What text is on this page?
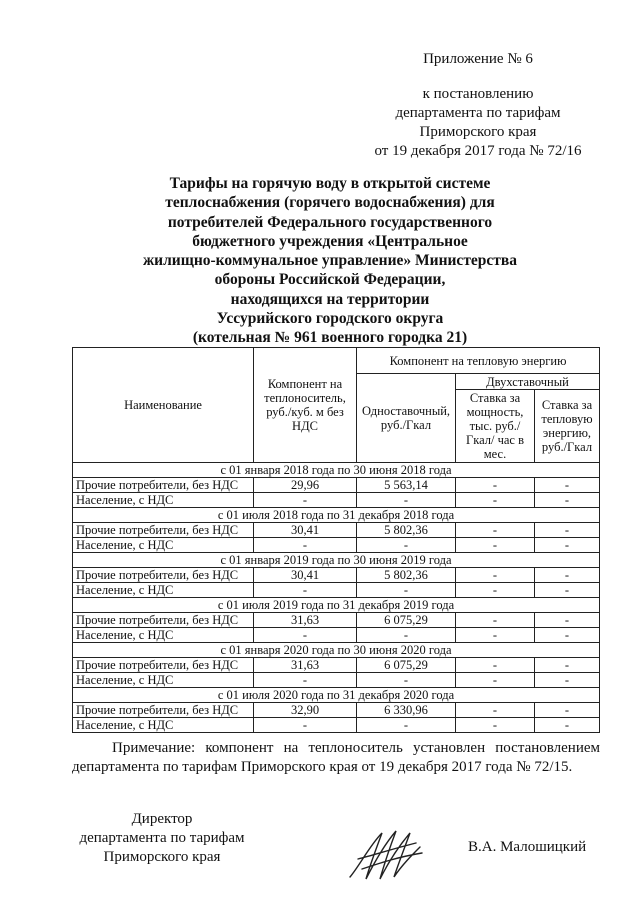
Приложение № 6
к постановлению
департамента по тарифам
Приморского края
от 19 декабря 2017 года № 72/16
Тарифы на горячую воду в открытой системе
теплоснабжения (горячего водоснабжения) для
потребителей Федерального государственного
бюджетного учреждения «Центральное
жилищно-коммунальное управление» Министерства
обороны Российской Федерации,
находящихся на территории
Уссурийского городского округа
(котельная № 961 военного городка 21)
Наименование	Компонент на теплоноситель, руб./куб. м без НДС	Компонент на тепловую энергию		
		Одноставочный, руб./Гкал	Двухставочный	
			Ставка за мощность, тыс. руб./Гкал/ час в мес.	Ставка за тепловую энергию, руб./Гкал
с 01 января 2018 года по 30 июня 2018 года				
Прочие потребители, без НДС	29,96	5 563,14	-	-
Население, с НДС	-	-	-	-
с 01 июля 2018 года по 31 декабря 2018 года				
Прочие потребители, без НДС	30,41	5 802,36	-	-
Население, с НДС	-	-	-	-
с 01 января 2019 года по 30 июня 2019 года				
Прочие потребители, без НДС	30,41	5 802,36	-	-
Население, с НДС	-	-	-	-
с 01 июля 2019 года по 31 декабря 2019 года				
Прочие потребители, без НДС	31,63	6 075,29	-	-
Население, с НДС	-	-	-	-
с 01 января 2020 года по 30 июня 2020 года				
Прочие потребители, без НДС	31,63	6 075,29	-	-
Население, с НДС	-	-	-	-
с 01 июля 2020 года по 31 декабря 2020 года				
Прочие потребители, без НДС	32,90	6 330,96	-	-
Население, с НДС	-	-	-	-
Примечание: компонент на теплоноситель установлен постановлением департамента по тарифам Приморского края от 19 декабря 2017 года № 72/15.
Директор
департамента по тарифам
Приморского края
В.А. Малошицкий
